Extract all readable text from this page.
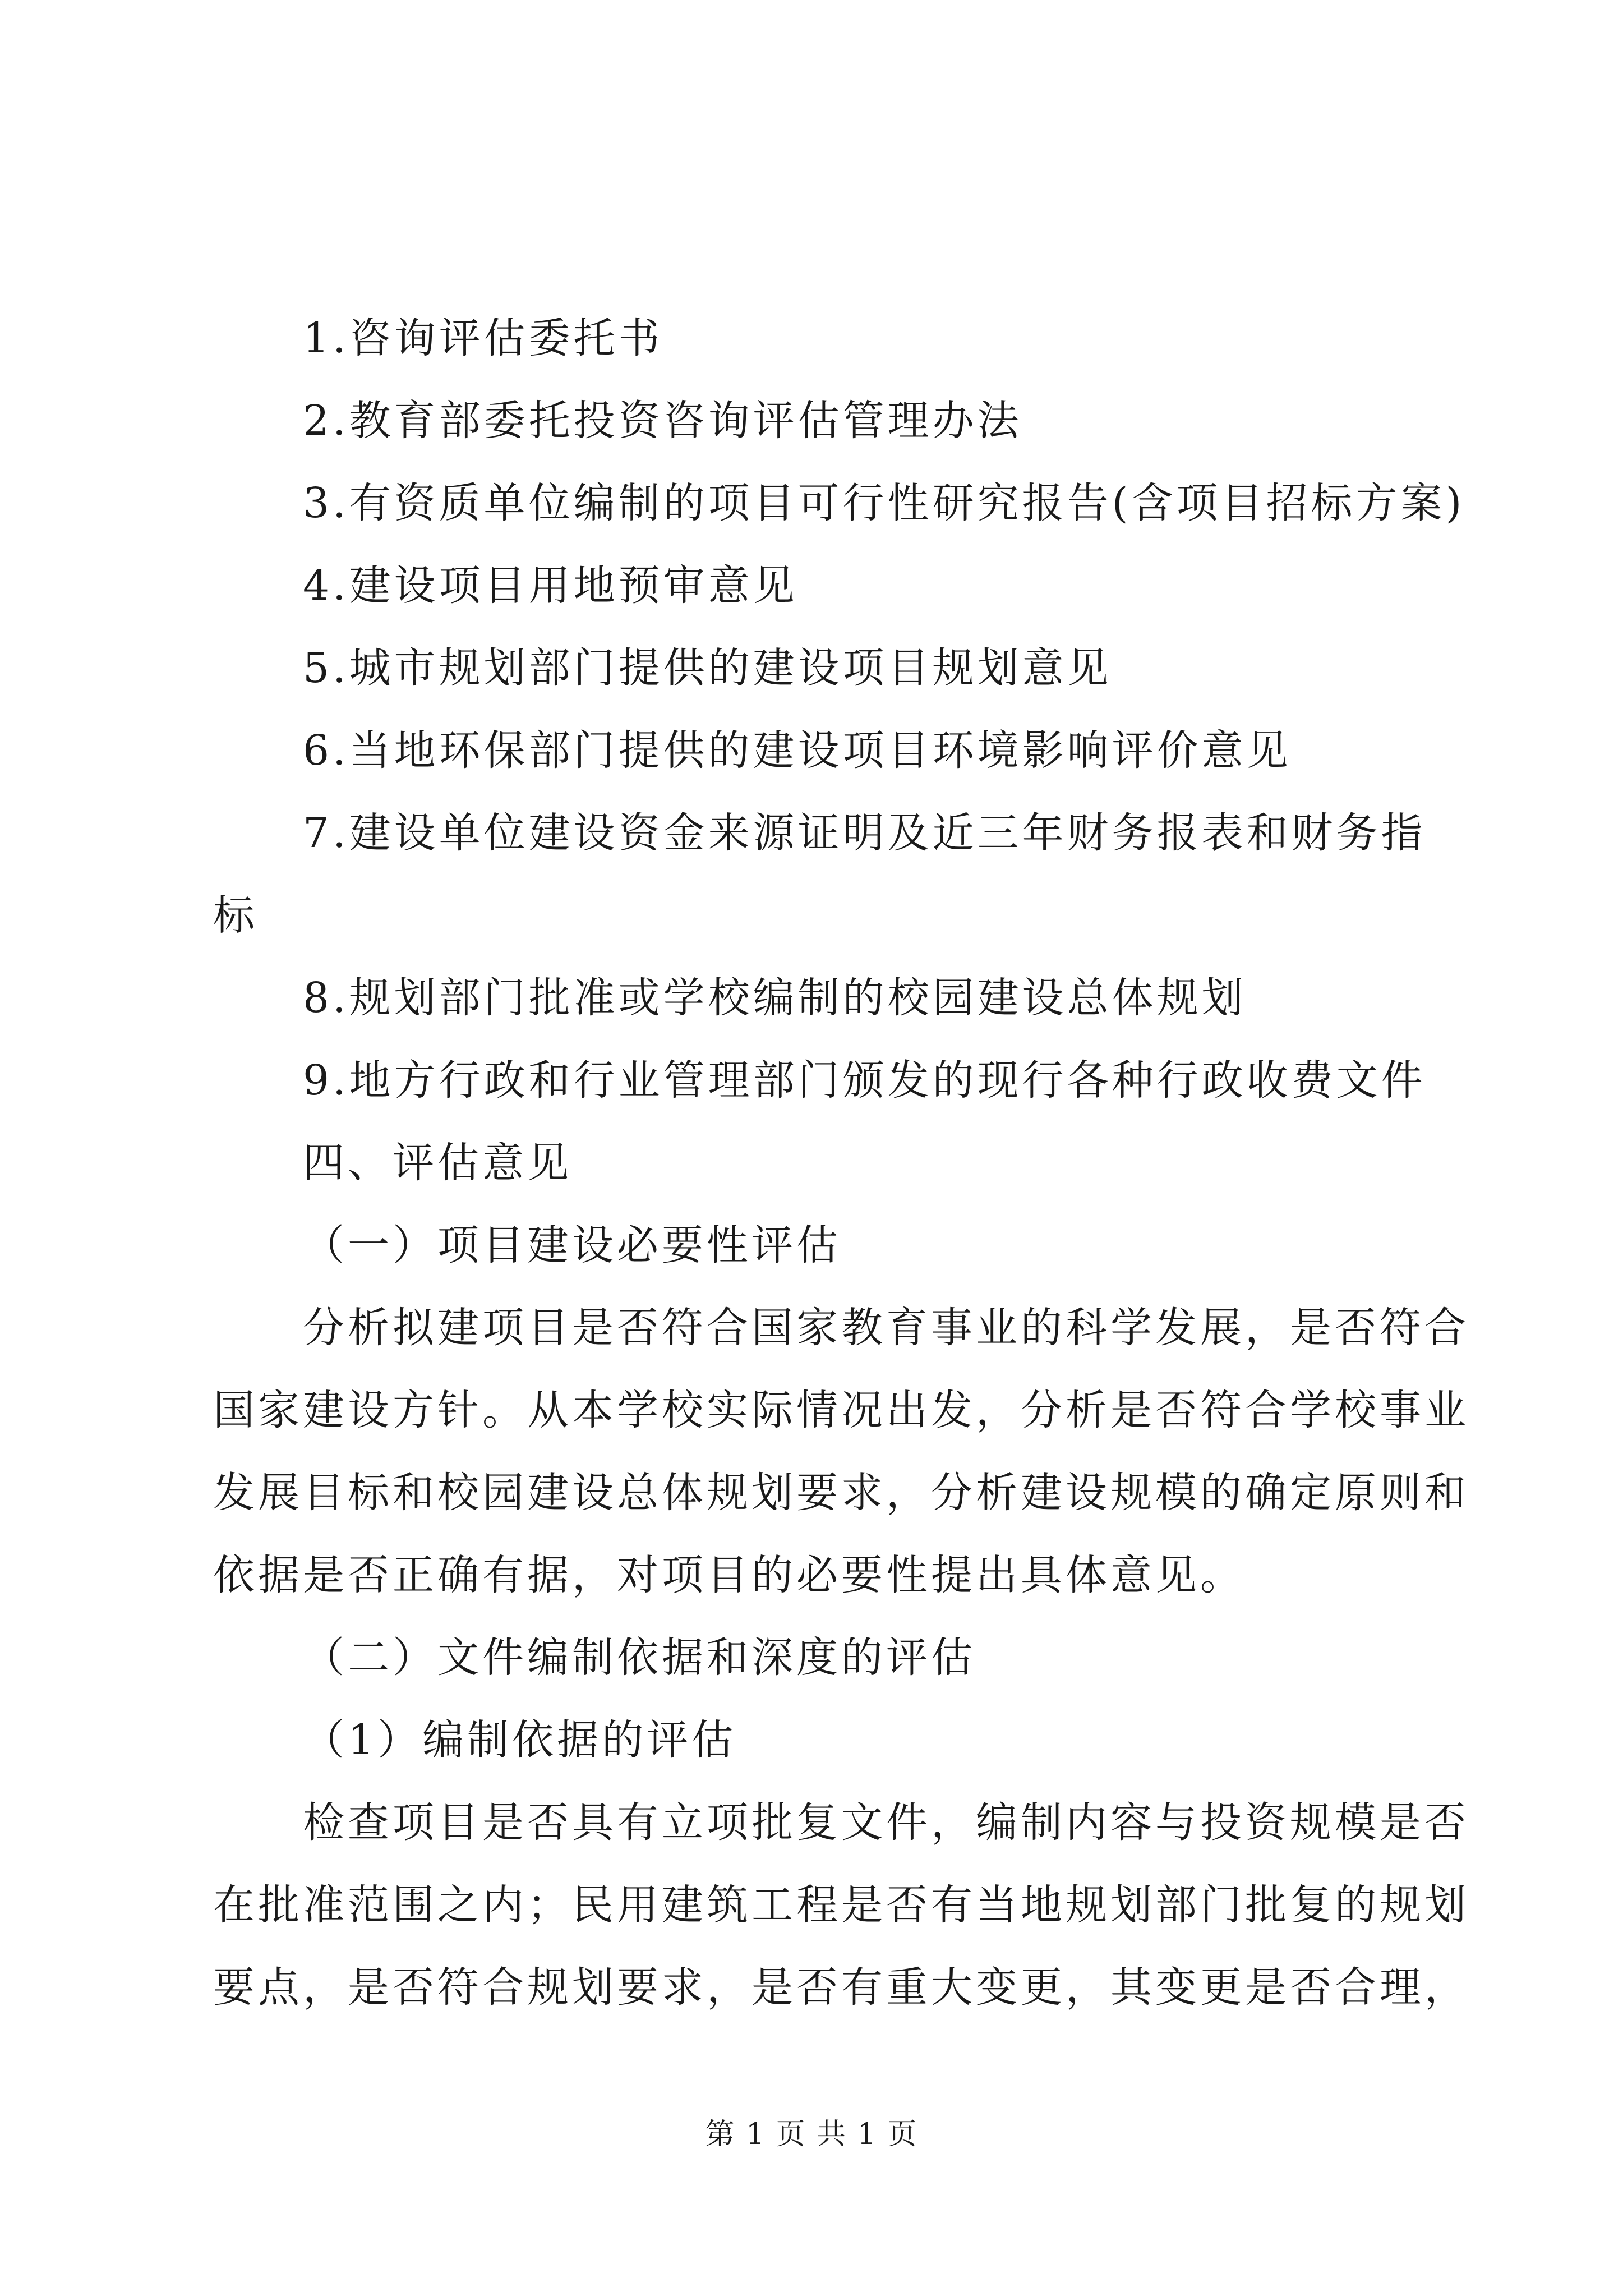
1.咨询评估委托书
2.教育部委托投资咨询评估管理办法
3.有资质单位编制的项目可行性研究报告(含项目招标方案)
4.建设项目用地预审意见
5.城市规划部门提供的建设项目规划意见
6.当地环保部门提供的建设项目环境影响评价意见
7.建设单位建设资金来源证明及近三年财务报表和财务指
标
8.规划部门批准或学校编制的校园建设总体规划
9.地方行政和行业管理部门颁发的现行各种行政收费文件
四、评估意见
（一）项目建设必要性评估
分析拟建项目是否符合国家教育事业的科学发展，是否符合
国家建设方针。从本学校实际情况出发，分析是否符合学校事业
发展目标和校园建设总体规划要求，分析建设规模的确定原则和
依据是否正确有据，对项目的必要性提出具体意见。
（二）文件编制依据和深度的评估
（1）编制依据的评估
检查项目是否具有立项批复文件，编制内容与投资规模是否
在批准范围之内；民用建筑工程是否有当地规划部门批复的规划
要点，是否符合规划要求，是否有重大变更，其变更是否合理，
第 1 页 共 1 页
